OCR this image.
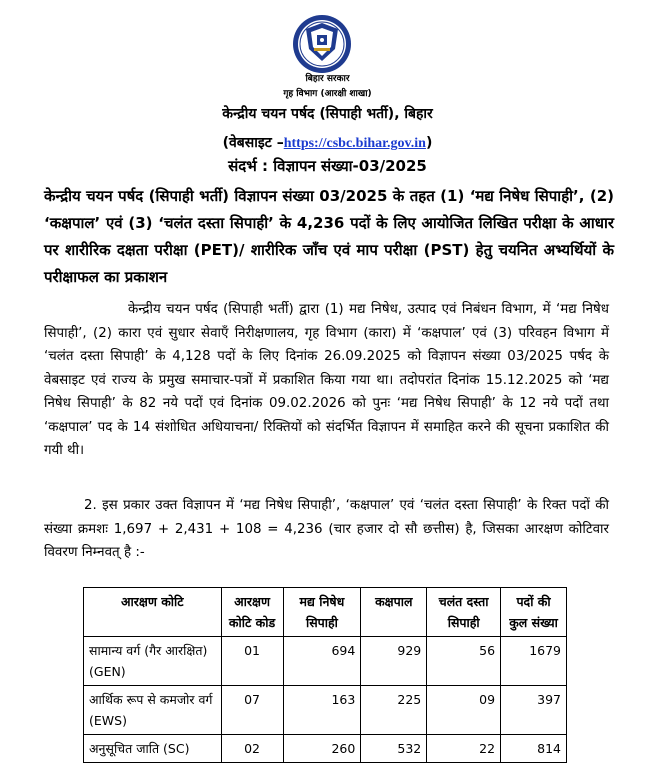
बिहार सरकार
गृह विभाग (आरक्षी शाखा)
केन्द्रीय चयन पर्षद (सिपाही भर्ती), बिहार
(वेबसाइट –https://csbc.bihar.gov.in)
संदर्भ : विज्ञापन संख्या-03/2025
केन्द्रीय चयन पर्षद (सिपाही भर्ती) विज्ञापन संख्या 03/2025 के तहत (1) ‘मद्य निषेध सिपाही’, (2) ‘कक्षपाल’ एवं (3) ‘चलंत दस्ता सिपाही’ के 4,236 पदों के लिए आयोजित लिखित परीक्षा के आधार पर शारीरिक दक्षता परीक्षा (PET)/ शारीरिक जाँच एवं माप परीक्षा (PST) हेतु चयनित अभ्यर्थियों के परीक्षाफल का प्रकाशन
केन्द्रीय चयन पर्षद (सिपाही भर्ती) द्वारा (1) मद्य निषेध, उत्पाद एवं निबंधन विभाग, में ‘मद्य निषेध सिपाही’, (2) कारा एवं सुधार सेवाएँ निरीक्षणालय, गृह विभाग (कारा) में ‘कक्षपाल’ एवं (3) परिवहन विभाग में ‘चलंत दस्ता सिपाही’ के 4,128 पदों के लिए दिनांक 26.09.2025 को विज्ञापन संख्या 03/2025 पर्षद के वेबसाइट एवं राज्य के प्रमुख समाचार-पत्रों में प्रकाशित किया गया था। तदोपरांत दिनांक 15.12.2025 को ‘मद्य निषेध सिपाही’ के 82 नये पदों एवं दिनांक 09.02.2026 को पुनः ‘मद्य निषेध सिपाही’ के 12 नये पदों तथा ‘कक्षपाल’ पद के 14 संशोधित अधियाचना/ रिक्तियों को संदर्भित विज्ञापन में समाहित करने की सूचना प्रकाशित की गयी थी।
2. इस प्रकार उक्त विज्ञापन में ‘मद्य निषेध सिपाही’, ‘कक्षपाल’ एवं ‘चलंत दस्ता सिपाही’ के रिक्त पदों की संख्या क्रमशः 1,697 + 2,431 + 108 = 4,236 (चार हजार दो सौ छत्तीस) है, जिसका आरक्षण कोटिवार विवरण निम्नवत् है :-
आरक्षण कोटि	आरक्षण कोटि कोड	मद्य निषेध सिपाही	कक्षपाल	चलंत दस्ता सिपाही	पदों की कुल संख्या
सामान्य वर्ग (गैर आरक्षित) (GEN)	01	694	929	56	1679
आर्थिक रूप से कमजोर वर्ग (EWS)	07	163	225	09	397
अनुसूचित जाति (SC)	02	260	532	22	814
